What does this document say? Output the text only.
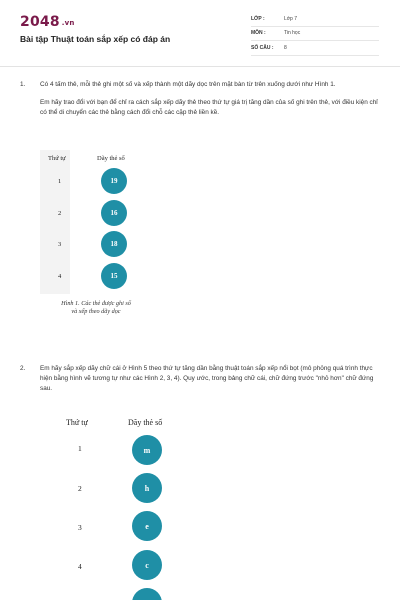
2048 .vn
Bài tập Thuật toán sắp xếp có đáp án
LỚP :	Lớp 7
MÔN :	Tin học
SỐ CÂU :	8
1. Có 4 tấm thẻ, mỗi thẻ ghi một số và xếp thành một dãy dọc trên mặt bàn từ trên xuống dưới như Hình 1.

Em hãy trao đổi với bạn để chỉ ra cách sắp xếp dãy thẻ theo thứ tự giá trị tăng dần của số ghi trên thẻ, với điều kiện chỉ có thể di chuyển các thẻ bằng cách đổi chỗ các cặp thẻ liền kề.

Thứ tự	Dãy thẻ số
1	19
2	16
3	18
4	15
Hình 1. Các thẻ được ghi số
và xếp theo dãy dọc
2. Em hãy sắp xếp dãy chữ cái ở Hình 5 theo thứ tự tăng dần bằng thuật toán sắp xếp nổi bọt (mô phỏng quá trình thực hiện bằng hình vẽ tương tự như các Hình 2, 3, 4). Quy ước, trong bảng chữ cái, chữ đứng trước "nhỏ hơn" chữ đứng sau.

Thứ tự	Dãy thẻ số
1	m
2	h
3	e
4	c
